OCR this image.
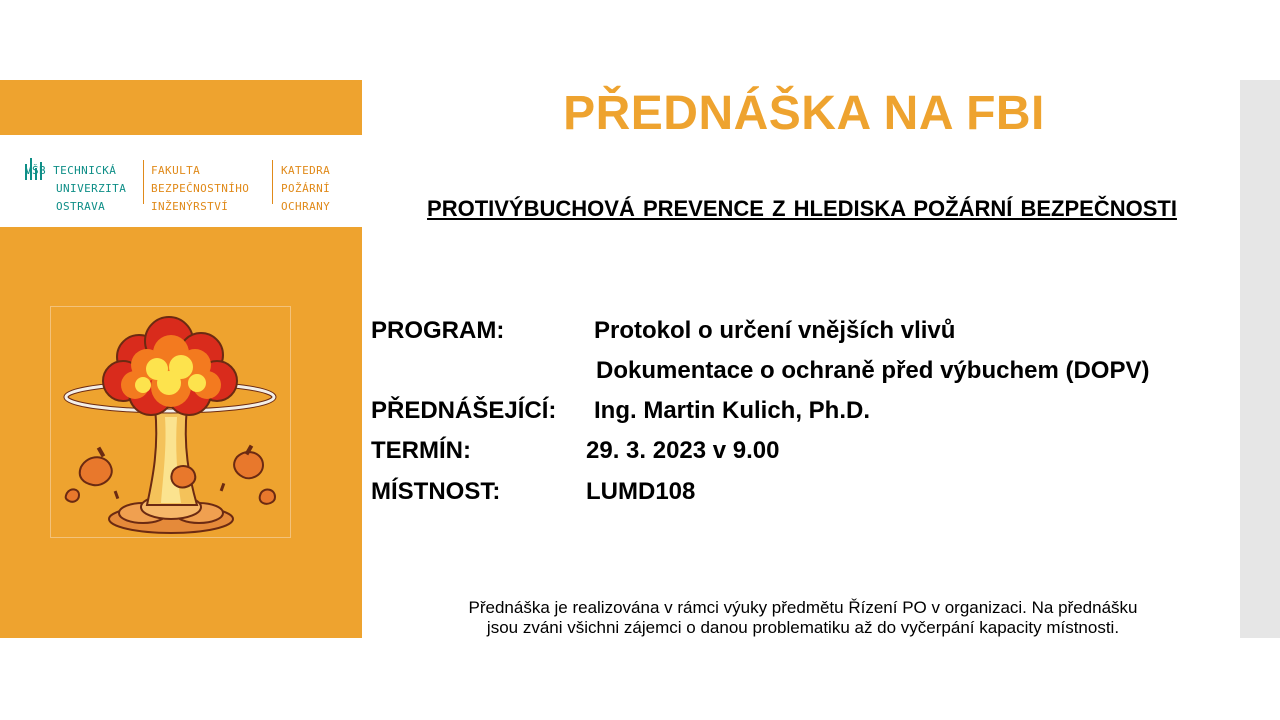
VŠB TECHNICKÁ
UNIVERZITA
OSTRAVA
FAKULTA
BEZPEČNOSTNÍHO
INŽENÝRSTVÍ
KATEDRA
POŽÁRNÍ
OCHRANY
PŘEDNÁŠKA NA FBI
PROTIVÝBUCHOVÁ PREVENCE Z HLEDISKA POŽÁRNÍ BEZPEČNOSTI
PROGRAM:	Protokol o určení vnějších vlivů
Dokumentace o ochraně před výbuchem (DOPV)
PŘEDNÁŠEJÍCÍ: Ing. Martin Kulich, Ph.D.
TERMÍN:	29. 3. 2023 v 9.00
MÍSTNOST:	LUMD108
Přednáška je realizována v rámci výuky předmětu Řízení PO v organizaci. Na přednášku
jsou zváni všichni zájemci o danou problematiku až do vyčerpání kapacity místnosti.
